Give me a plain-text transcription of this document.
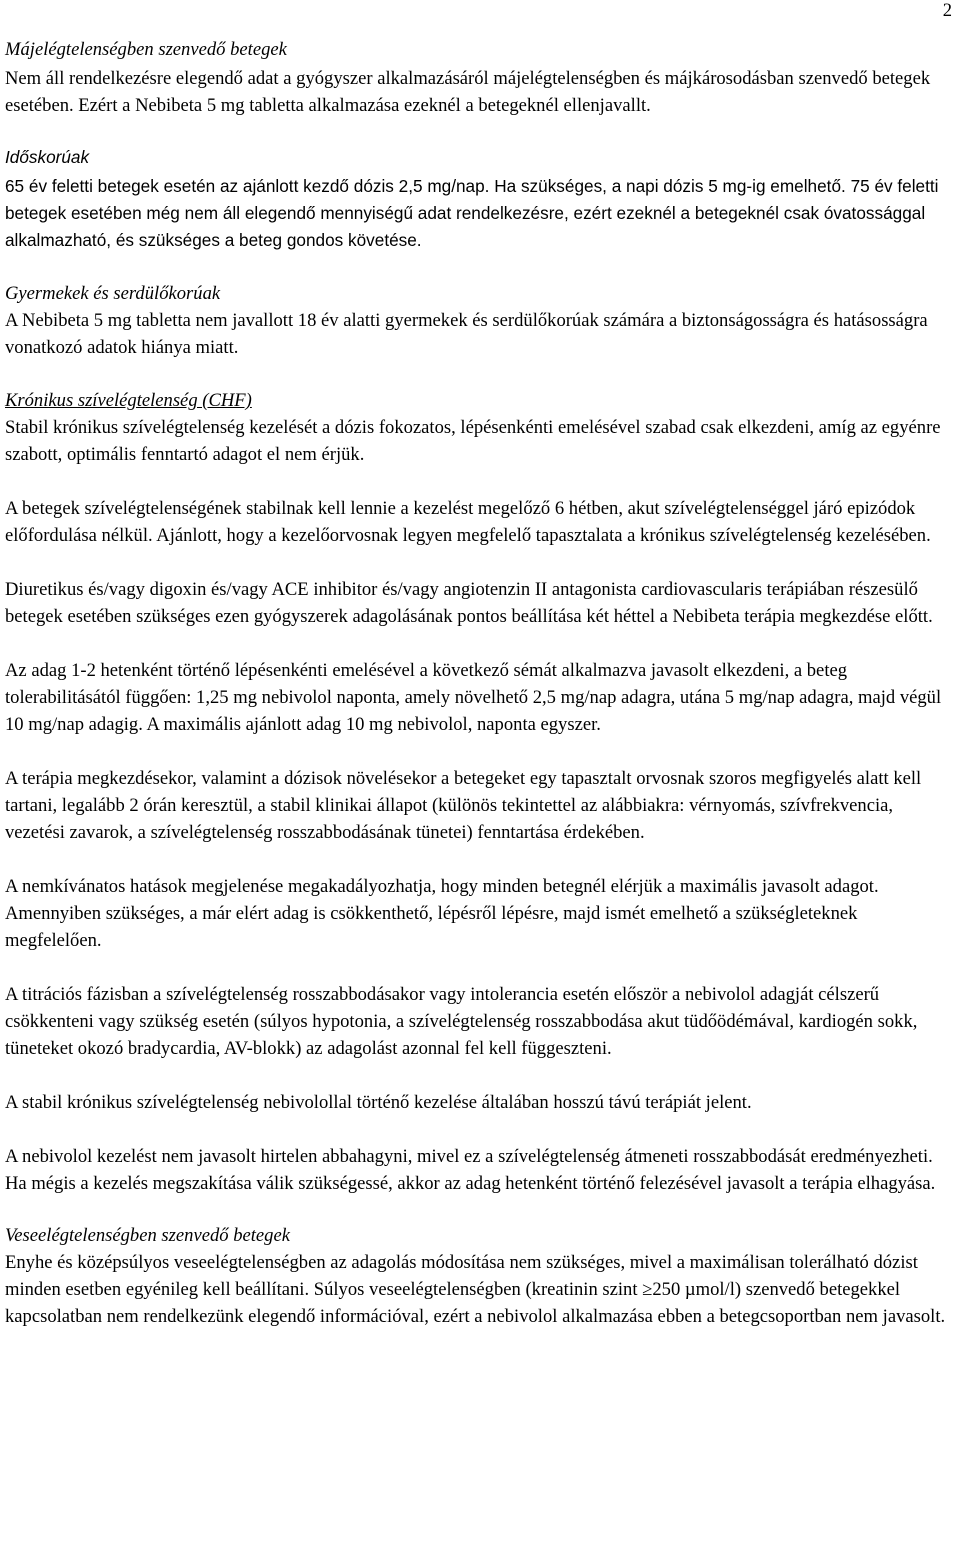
2
Májelégtelenségben szenvedő betegek

Nem áll rendelkezésre elegendő adat a gyógyszer alkalmazásáról májelégtelenségben és májkárosodásban szenvedő betegek esetében. Ezért a Nebibeta 5 mg tabletta alkalmazása ezeknél a betegeknél ellenjavallt.

Időskorúak

65 év feletti betegek esetén az ajánlott kezdő dózis 2,5 mg/nap. Ha szükséges, a napi dózis 5 mg-ig emelhető. 75 év feletti betegek esetében még nem áll elegendő mennyiségű adat rendelkezésre, ezért ezeknél a betegeknél csak óvatossággal alkalmazható, és szükséges a beteg gondos követése.

Gyermekek és serdülőkorúak

A Nebibeta 5 mg tabletta nem javallott 18 év alatti gyermekek és serdülőkorúak számára a biztonságosságra és hatásosságra vonatkozó adatok hiánya miatt.

Krónikus szívelégtelenség (CHF)

Stabil krónikus szívelégtelenség kezelését a dózis fokozatos, lépésenkénti emelésével szabad csak elkezdeni, amíg az egyénre szabott, optimális fenntartó adagot el nem érjük.

A betegek szívelégtelenségének stabilnak kell lennie a kezelést megelőző 6 hétben, akut szívelégtelenséggel járó epizódok előfordulása nélkül. Ajánlott, hogy a kezelőorvosnak legyen megfelelő tapasztalata a krónikus szívelégtelenség kezelésében.

Diuretikus és/vagy digoxin és/vagy ACE inhibitor és/vagy angiotenzin II antagonista cardiovascularis terápiában részesülő betegek esetében szükséges ezen gyógyszerek adagolásának pontos beállítása két héttel a Nebibeta terápia megkezdése előtt.

Az adag 1-2 hetenként történő lépésenkénti emelésével a következő sémát alkalmazva javasolt elkezdeni, a beteg tolerabilitásától függően: 1,25 mg nebivolol naponta, amely növelhető 2,5 mg/nap adagra, utána 5 mg/nap adagra, majd végül 10 mg/nap adagig. A maximális ajánlott adag 10 mg nebivolol, naponta egyszer.

A terápia megkezdésekor, valamint a dózisok növelésekor a betegeket egy tapasztalt orvosnak szoros megfigyelés alatt kell tartani, legalább 2 órán keresztül, a stabil klinikai állapot (különös tekintettel az alábbiakra: vérnyomás, szívfrekvencia, vezetési zavarok, a szívelégtelenség rosszabbodásának tünetei) fenntartása érdekében.

A nemkívánatos hatások megjelenése megakadályozhatja, hogy minden betegnél elérjük a maximális javasolt adagot. Amennyiben szükséges, a már elért adag is csökkenthető, lépésről lépésre, majd ismét emelhető a szükségleteknek megfelelően.

A titrációs fázisban a szívelégtelenség rosszabbodásakor vagy intolerancia esetén először a nebivolol adagját célszerű csökkenteni vagy szükség esetén (súlyos hypotonia, a szívelégtelenség rosszabbodása akut tüdőödémával, kardiogén sokk, tüneteket okozó bradycardia, AV-blokk) az adagolást azonnal fel kell függeszteni.

A stabil krónikus szívelégtelenség nebivolollal történő kezelése általában hosszú távú terápiát jelent.

A nebivolol kezelést nem javasolt hirtelen abbahagyni, mivel ez a szívelégtelenség átmeneti rosszabbodását eredményezheti. Ha mégis a kezelés megszakítása válik szükségessé, akkor az adag hetenként történő felezésével javasolt a terápia elhagyása.

Veseelégtelenségben szenvedő betegek

Enyhe és középsúlyos veseelégtelenségben az adagolás módosítása nem szükséges, mivel a maximálisan tolerálható dózist minden esetben egyénileg kell beállítani. Súlyos veseelégtelenségben (kreatinin szint ≥250 µmol/l) szenvedő betegekkel kapcsolatban nem rendelkezünk elegendő információval, ezért a nebivolol alkalmazása ebben a betegcsoportban nem javasolt.
